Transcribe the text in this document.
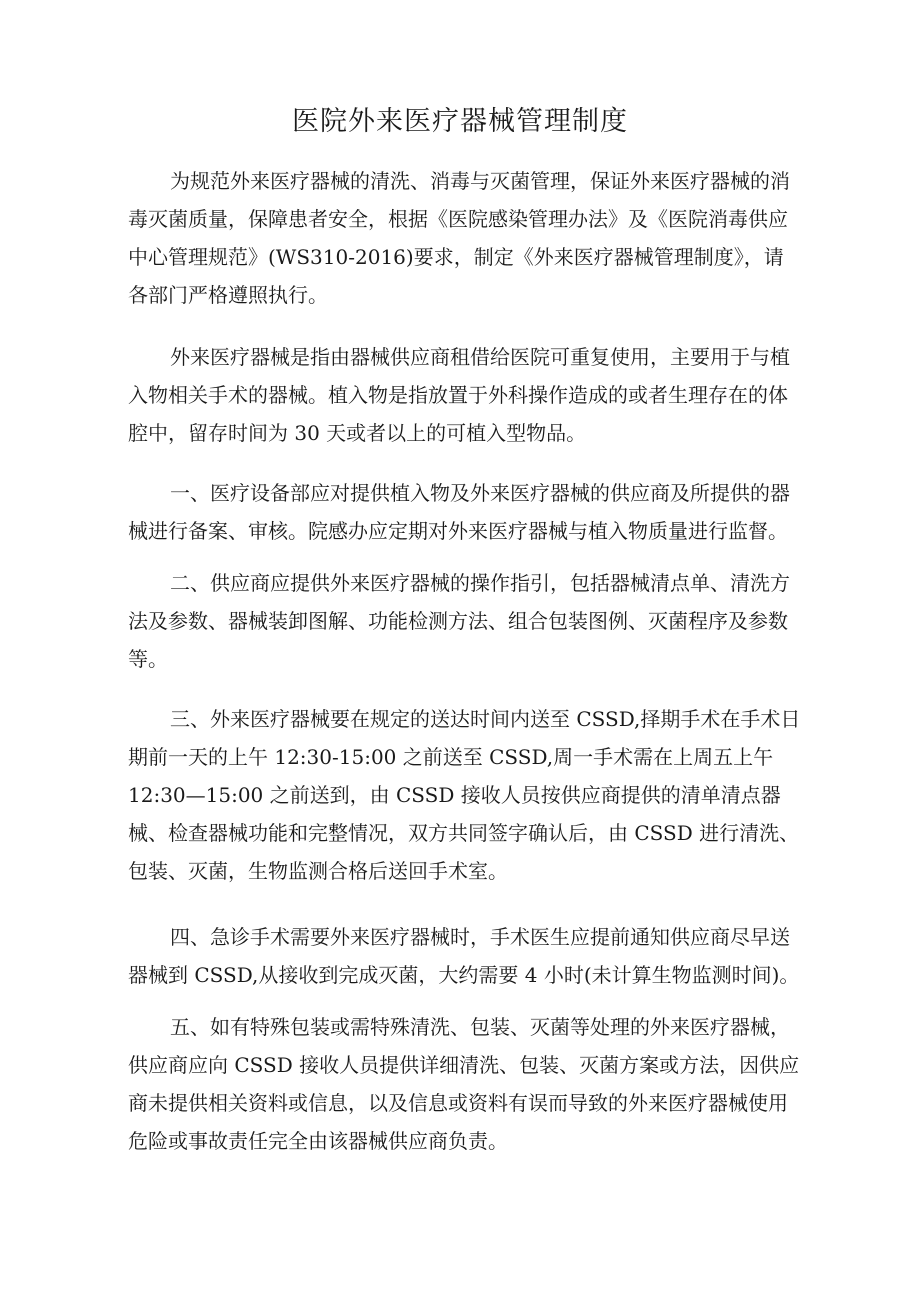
医院外来医疗器械管理制度

为规范外来医疗器械的清洗、消毒与灭菌管理，保证外来医疗器械的消
毒灭菌质量，保障患者安全，根据《医院感染管理办法》及《医院消毒供应
中心管理规范》(WS310-2016)要求，制定《外来医疗器械管理制度》，请
各部门严格遵照执行。

外来医疗器械是指由器械供应商租借给医院可重复使用，主要用于与植
入物相关手术的器械。植入物是指放置于外科操作造成的或者生理存在的体
腔中，留存时间为 30 天或者以上的可植入型物品。

一、医疗设备部应对提供植入物及外来医疗器械的供应商及所提供的器
械进行备案、审核。院感办应定期对外来医疗器械与植入物质量进行监督。

二、供应商应提供外来医疗器械的操作指引，包括器械清点单、清洗方
法及参数、器械装卸图解、功能检测方法、组合包装图例、灭菌程序及参数
等。

三、外来医疗器械要在规定的送达时间内送至 CSSD,择期手术在手术日
期前一天的上午 12:30-15:00 之前送至 CSSD,周一手术需在上周五上午
12:30—15:00 之前送到，由 CSSD 接收人员按供应商提供的清单清点器
械、检查器械功能和完整情况，双方共同签字确认后，由 CSSD 进行清洗、
包装、灭菌，生物监测合格后送回手术室。

四、急诊手术需要外来医疗器械时，手术医生应提前通知供应商尽早送
器械到 CSSD,从接收到完成灭菌，大约需要 4 小时(未计算生物监测时间)。

五、如有特殊包装或需特殊清洗、包装、灭菌等处理的外来医疗器械，
供应商应向 CSSD 接收人员提供详细清洗、包装、灭菌方案或方法，因供应
商未提供相关资料或信息，以及信息或资料有误而导致的外来医疗器械使用
危险或事故责任完全由该器械供应商负责。
